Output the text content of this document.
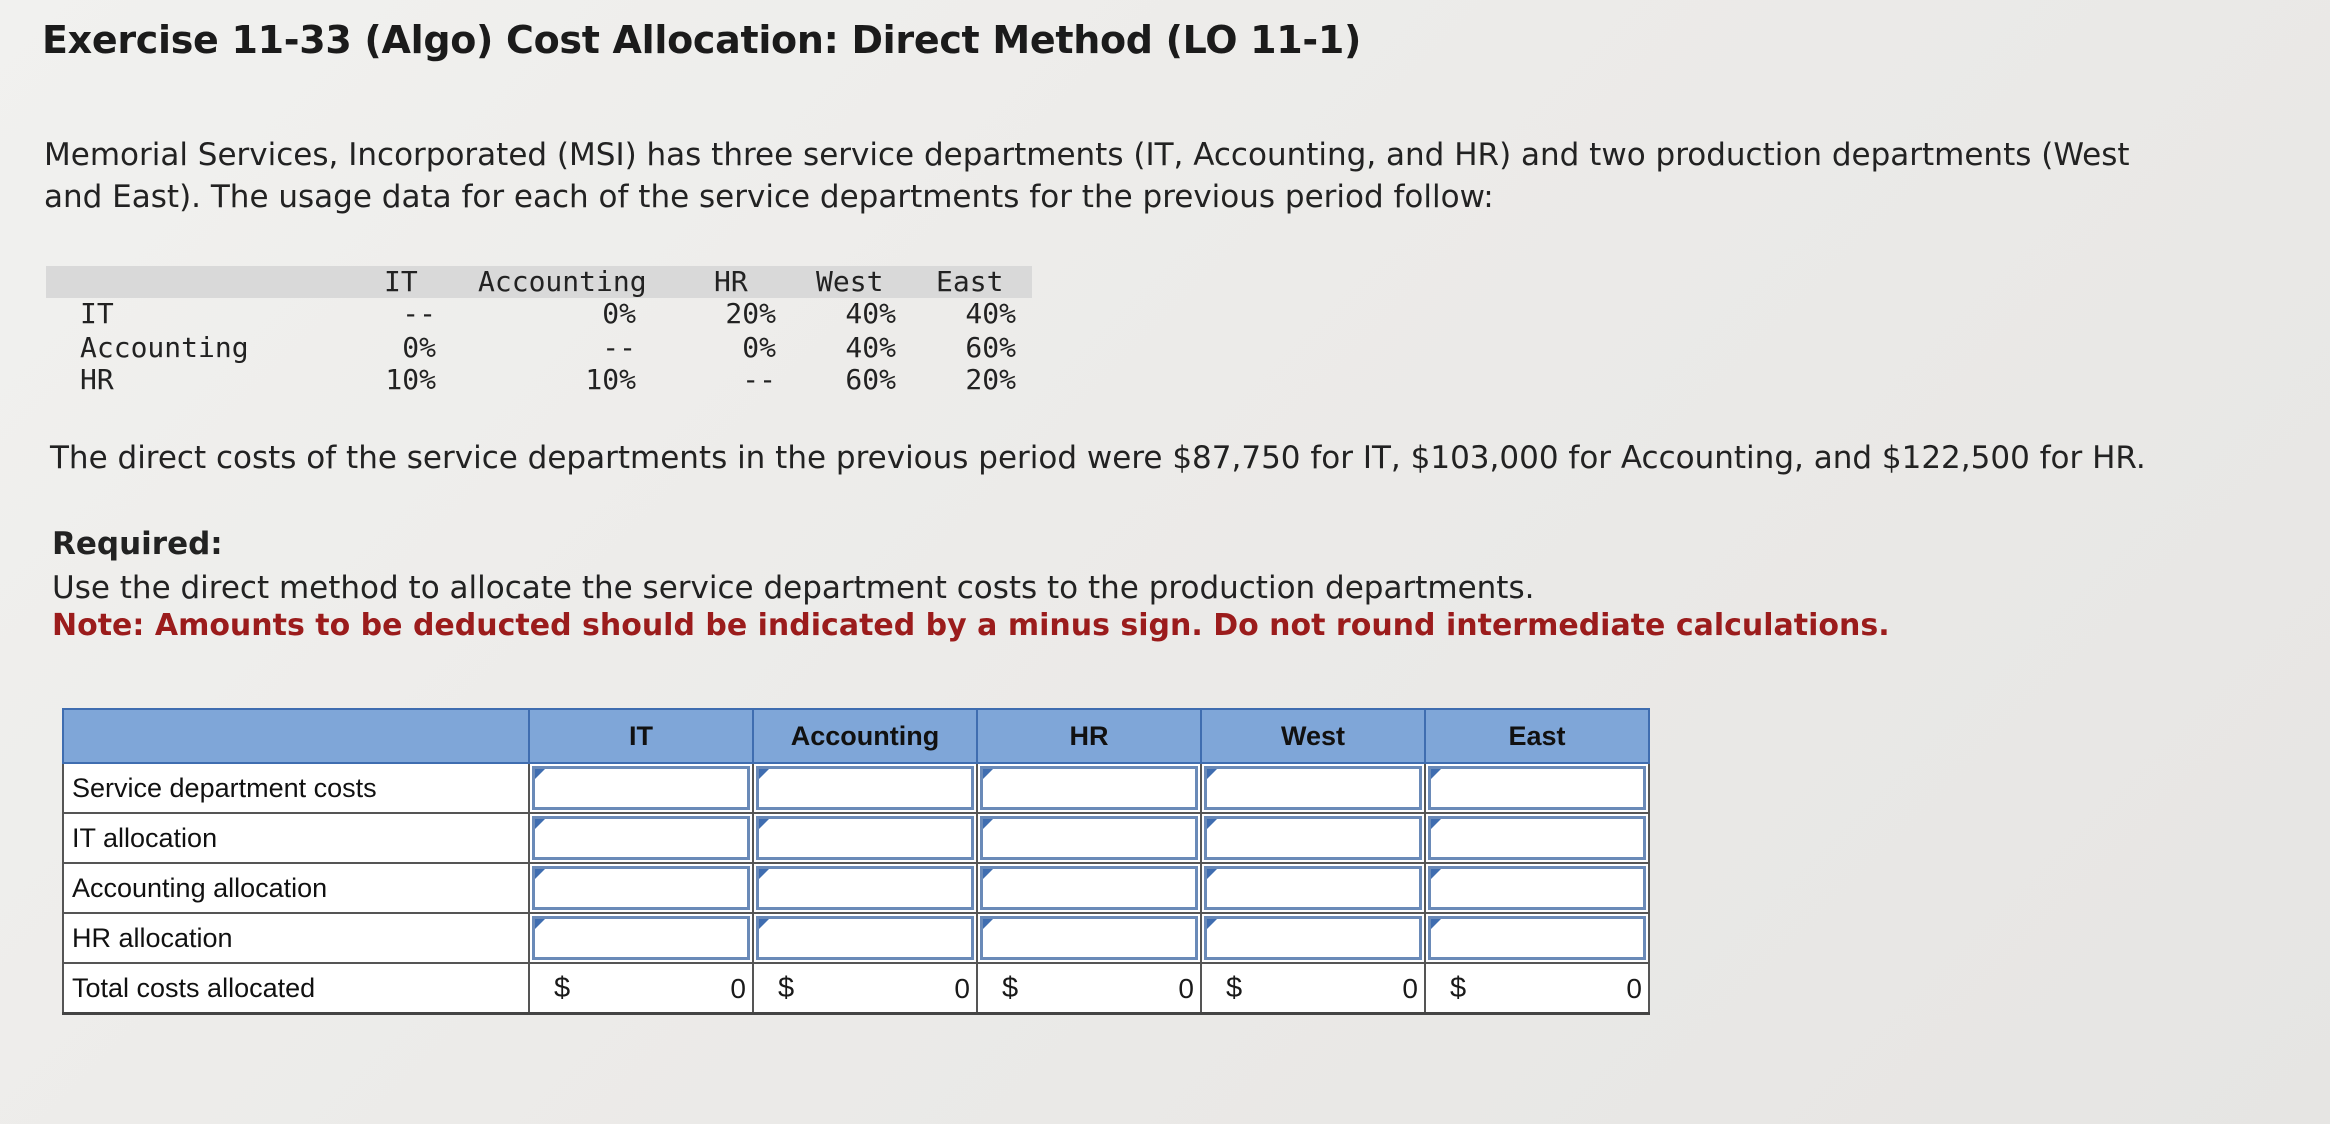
Exercise 11-33 (Algo) Cost Allocation: Direct Method (LO 11-1)
Memorial Services, Incorporated (MSI) has three service departments (IT, Accounting, and HR) and two production departments (West and East). The usage data for each of the service departments for the previous period follow:
IT Accounting HR West East
IT	--	0%	20%	40%	40%
Accounting	0%	--	0%	40%	60%
HR	10%	10%	--	60%	20%
The direct costs of the service departments in the previous period were $87,750 for IT, $103,000 for Accounting, and $122,500 for HR.
Required:
Use the direct method to allocate the service department costs to the production departments.
Note: Amounts to be deducted should be indicated by a minus sign. Do not round intermediate calculations.
	IT	Accounting	HR	West	East
Service department costs	

IT allocation	

Accounting allocation	

HR allocation	

Total costs allocated	$ 0	$ 0	$ 0	$ 0	$ 0
